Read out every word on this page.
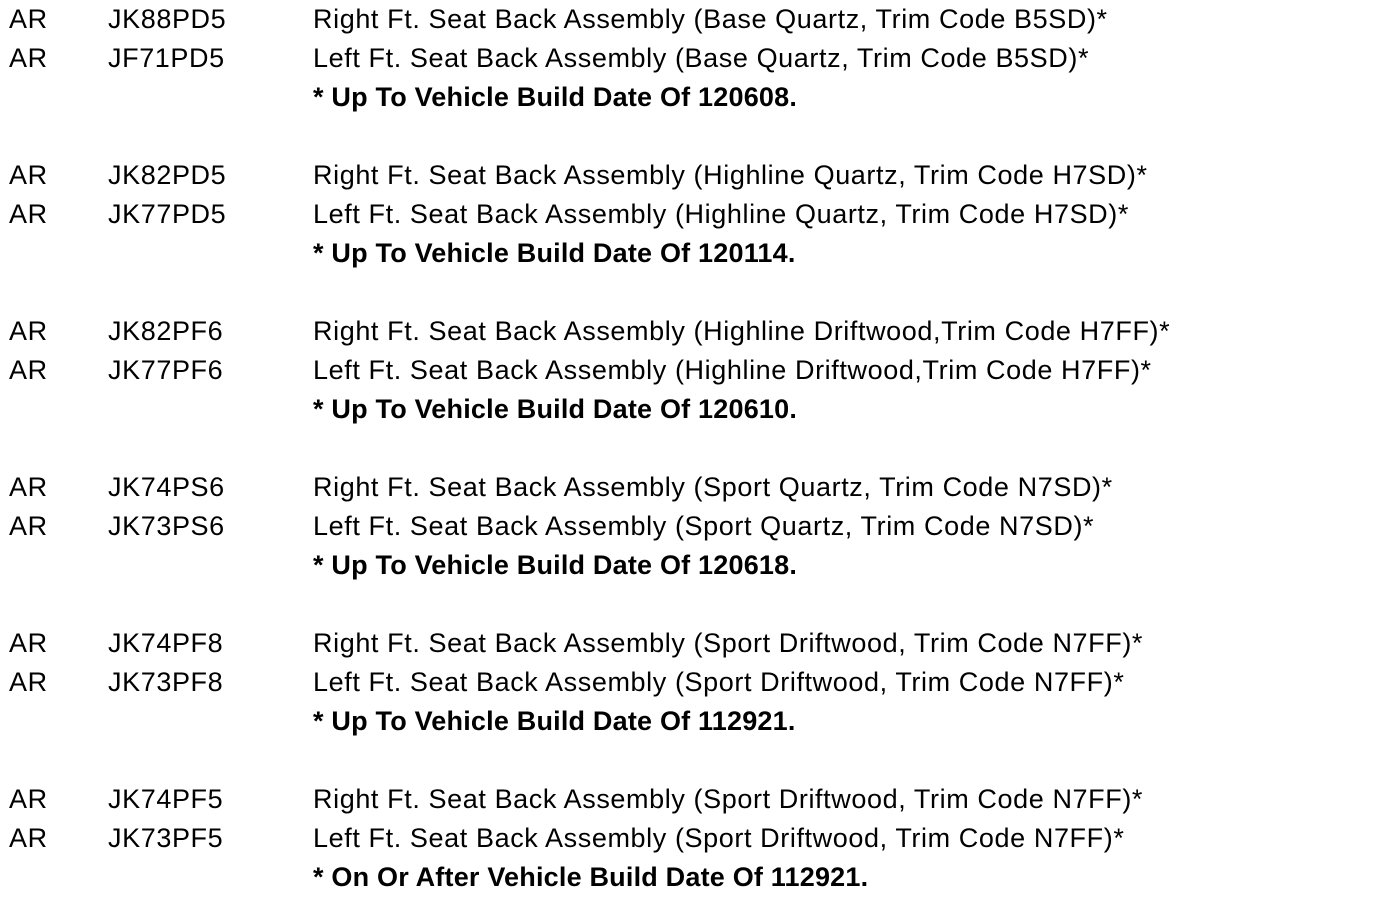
AR JK88PD5	Right Ft. Seat Back Assembly (Base Quartz, Trim Code B5SD)*
AR JF71PD5	Left Ft. Seat Back Assembly (Base Quartz, Trim Code B5SD)*
* Up To Vehicle Build Date Of 120608.
AR JK82PD5	Right Ft. Seat Back Assembly (Highline Quartz, Trim Code H7SD)*
AR JK77PD5	Left Ft. Seat Back Assembly (Highline Quartz, Trim Code H7SD)*
* Up To Vehicle Build Date Of 120114.
AR JK82PF6	Right Ft. Seat Back Assembly (Highline Driftwood,Trim Code H7FF)*
AR JK77PF6	Left Ft. Seat Back Assembly (Highline Driftwood,Trim Code H7FF)*
* Up To Vehicle Build Date Of 120610.
AR JK74PS6	Right Ft. Seat Back Assembly (Sport Quartz, Trim Code N7SD)*
AR JK73PS6	Left Ft. Seat Back Assembly (Sport Quartz, Trim Code N7SD)*
* Up To Vehicle Build Date Of 120618.
AR JK74PF8	Right Ft. Seat Back Assembly (Sport Driftwood, Trim Code N7FF)*
AR JK73PF8	Left Ft. Seat Back Assembly (Sport Driftwood, Trim Code N7FF)*
* Up To Vehicle Build Date Of 112921.
AR JK74PF5	Right Ft. Seat Back Assembly (Sport Driftwood, Trim Code N7FF)*
AR JK73PF5	Left Ft. Seat Back Assembly (Sport Driftwood, Trim Code N7FF)*
* On Or After Vehicle Build Date Of 112921.
